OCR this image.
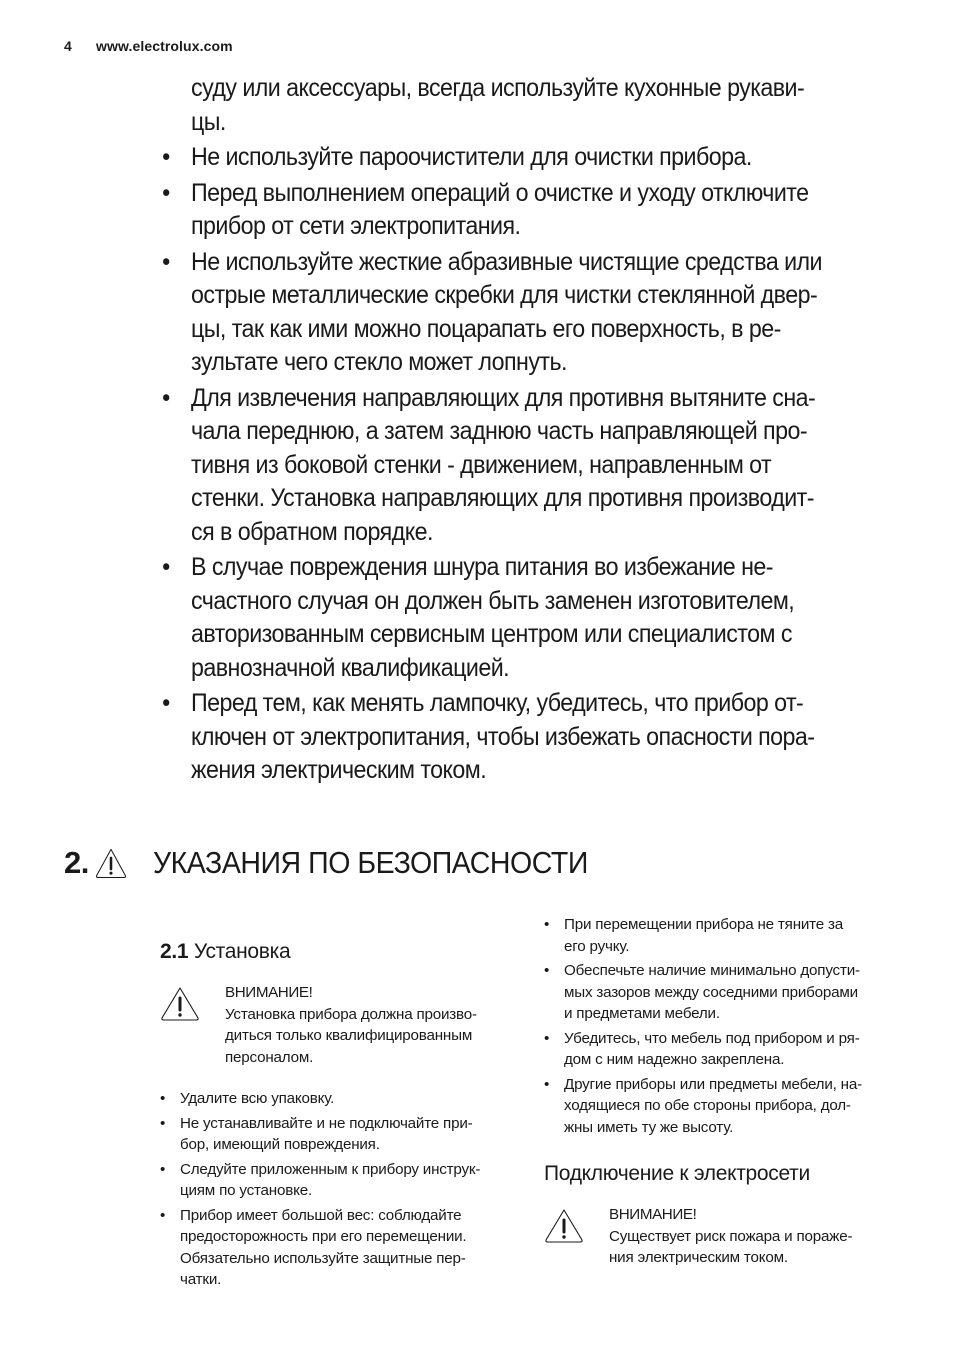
4 www.electrolux.com
суду или аксессуары, всегда используйте кухонные рукави-
цы.
• Не используйте пароочистители для очистки прибора.
• Перед выполнением операций о очистке и уходу отключите
прибор от сети электропитания.
• Не используйте жесткие абразивные чистящие средства или
острые металлические скребки для чистки стеклянной двер-
цы, так как ими можно поцарапать его поверхность, в ре-
зультате чего стекло может лопнуть.
• Для извлечения направляющих для противня вытяните сна-
чала переднюю, а затем заднюю часть направляющей про-
тивня из боковой стенки - движением, направленным от
стенки. Установка направляющих для противня производит-
ся в обратном порядке.
• В случае повреждения шнура питания во избежание не-
счастного случая он должен быть заменен изготовителем,
авторизованным сервисным центром или специалистом с
равнозначной квалификацией.
• Перед тем, как менять лампочку, убедитесь, что прибор от-
ключен от электропитания, чтобы избежать опасности пора-
жения электрическим током.
2. УКАЗАНИЯ ПО БЕЗОПАСНОСТИ
2.1 Установка
ВНИМАНИЕ!
Установка прибора должна произво-
диться только квалифицированным
персоналом.
• Удалите всю упаковку.
• Не устанавливайте и не подключайте при-
бор, имеющий повреждения.
• Следуйте приложенным к прибору инструк-
циям по установке.
• Прибор имеет большой вес: соблюдайте
предосторожность при его перемещении.
Обязательно используйте защитные пер-
чатки.
• При перемещении прибора не тяните за
его ручку.
• Обеспечьте наличие минимально допусти-
мых зазоров между соседними приборами
и предметами мебели.
• Убедитесь, что мебель под прибором и ря-
дом с ним надежно закреплена.
• Другие приборы или предметы мебели, на-
ходящиеся по обе стороны прибора, дол-
жны иметь ту же высоту.
Подключение к электросети
ВНИМАНИЕ!
Существует риск пожара и пораже-
ния электрическим током.
